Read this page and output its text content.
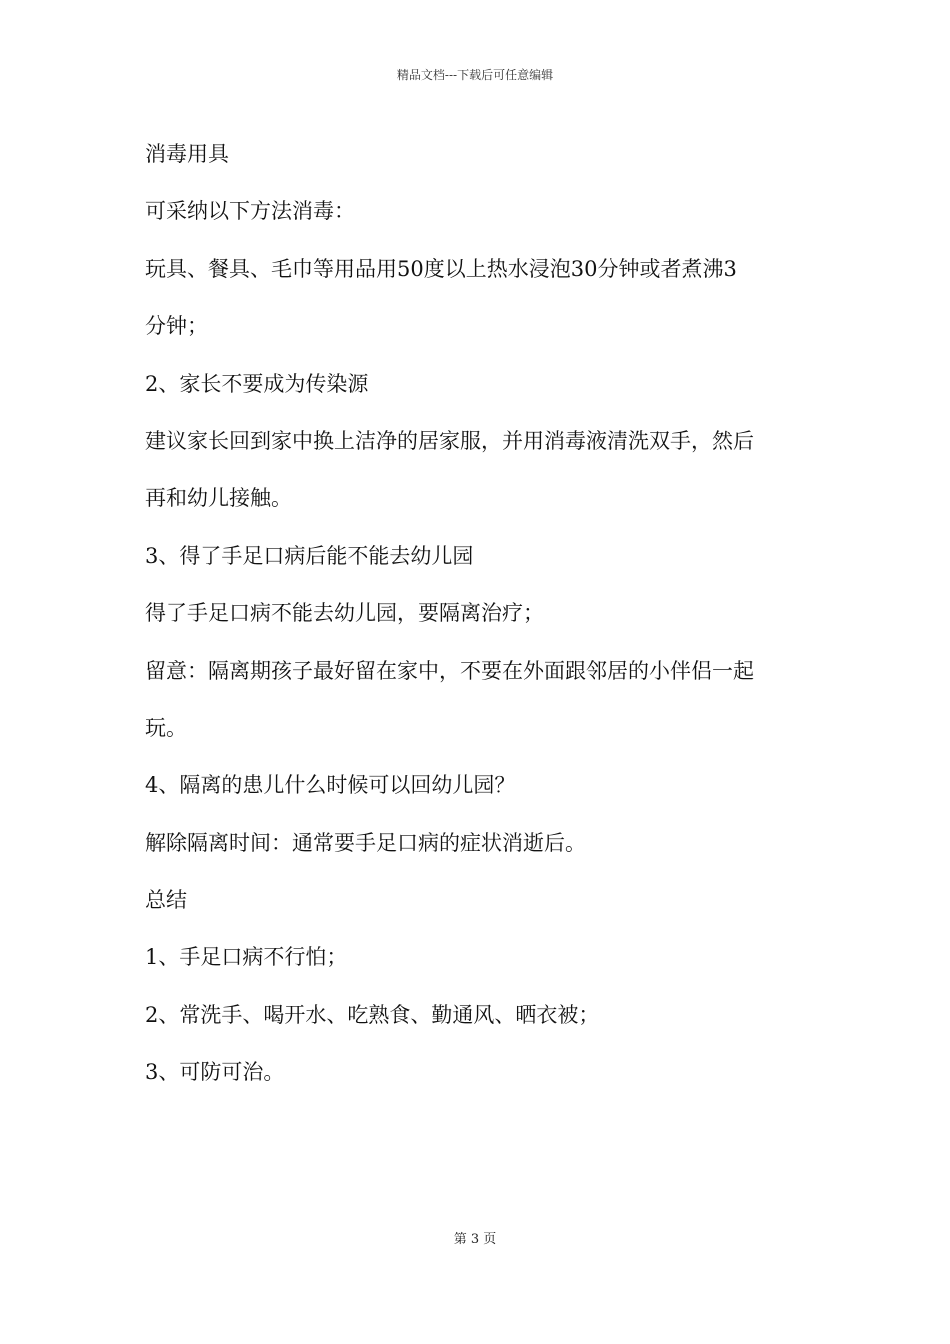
精品文档---下载后可任意编辑
消毒用具
可采纳以下方法消毒：
玩具、餐具、毛巾等用品用50度以上热水浸泡30分钟或者煮沸3
分钟；
2、家长不要成为传染源
建议家长回到家中换上洁净的居家服，并用消毒液清洗双手，然后
再和幼儿接触。
3、得了手足口病后能不能去幼儿园
得了手足口病不能去幼儿园，要隔离治疗；
留意：隔离期孩子最好留在家中，不要在外面跟邻居的小伴侣一起
玩。
4、隔离的患儿什么时候可以回幼儿园？
解除隔离时间：通常要手足口病的症状消逝后。
总结
1、手足口病不行怕；
2、常洗手、喝开水、吃熟食、勤通风、晒衣被；
3、可防可治。
第 3 页
